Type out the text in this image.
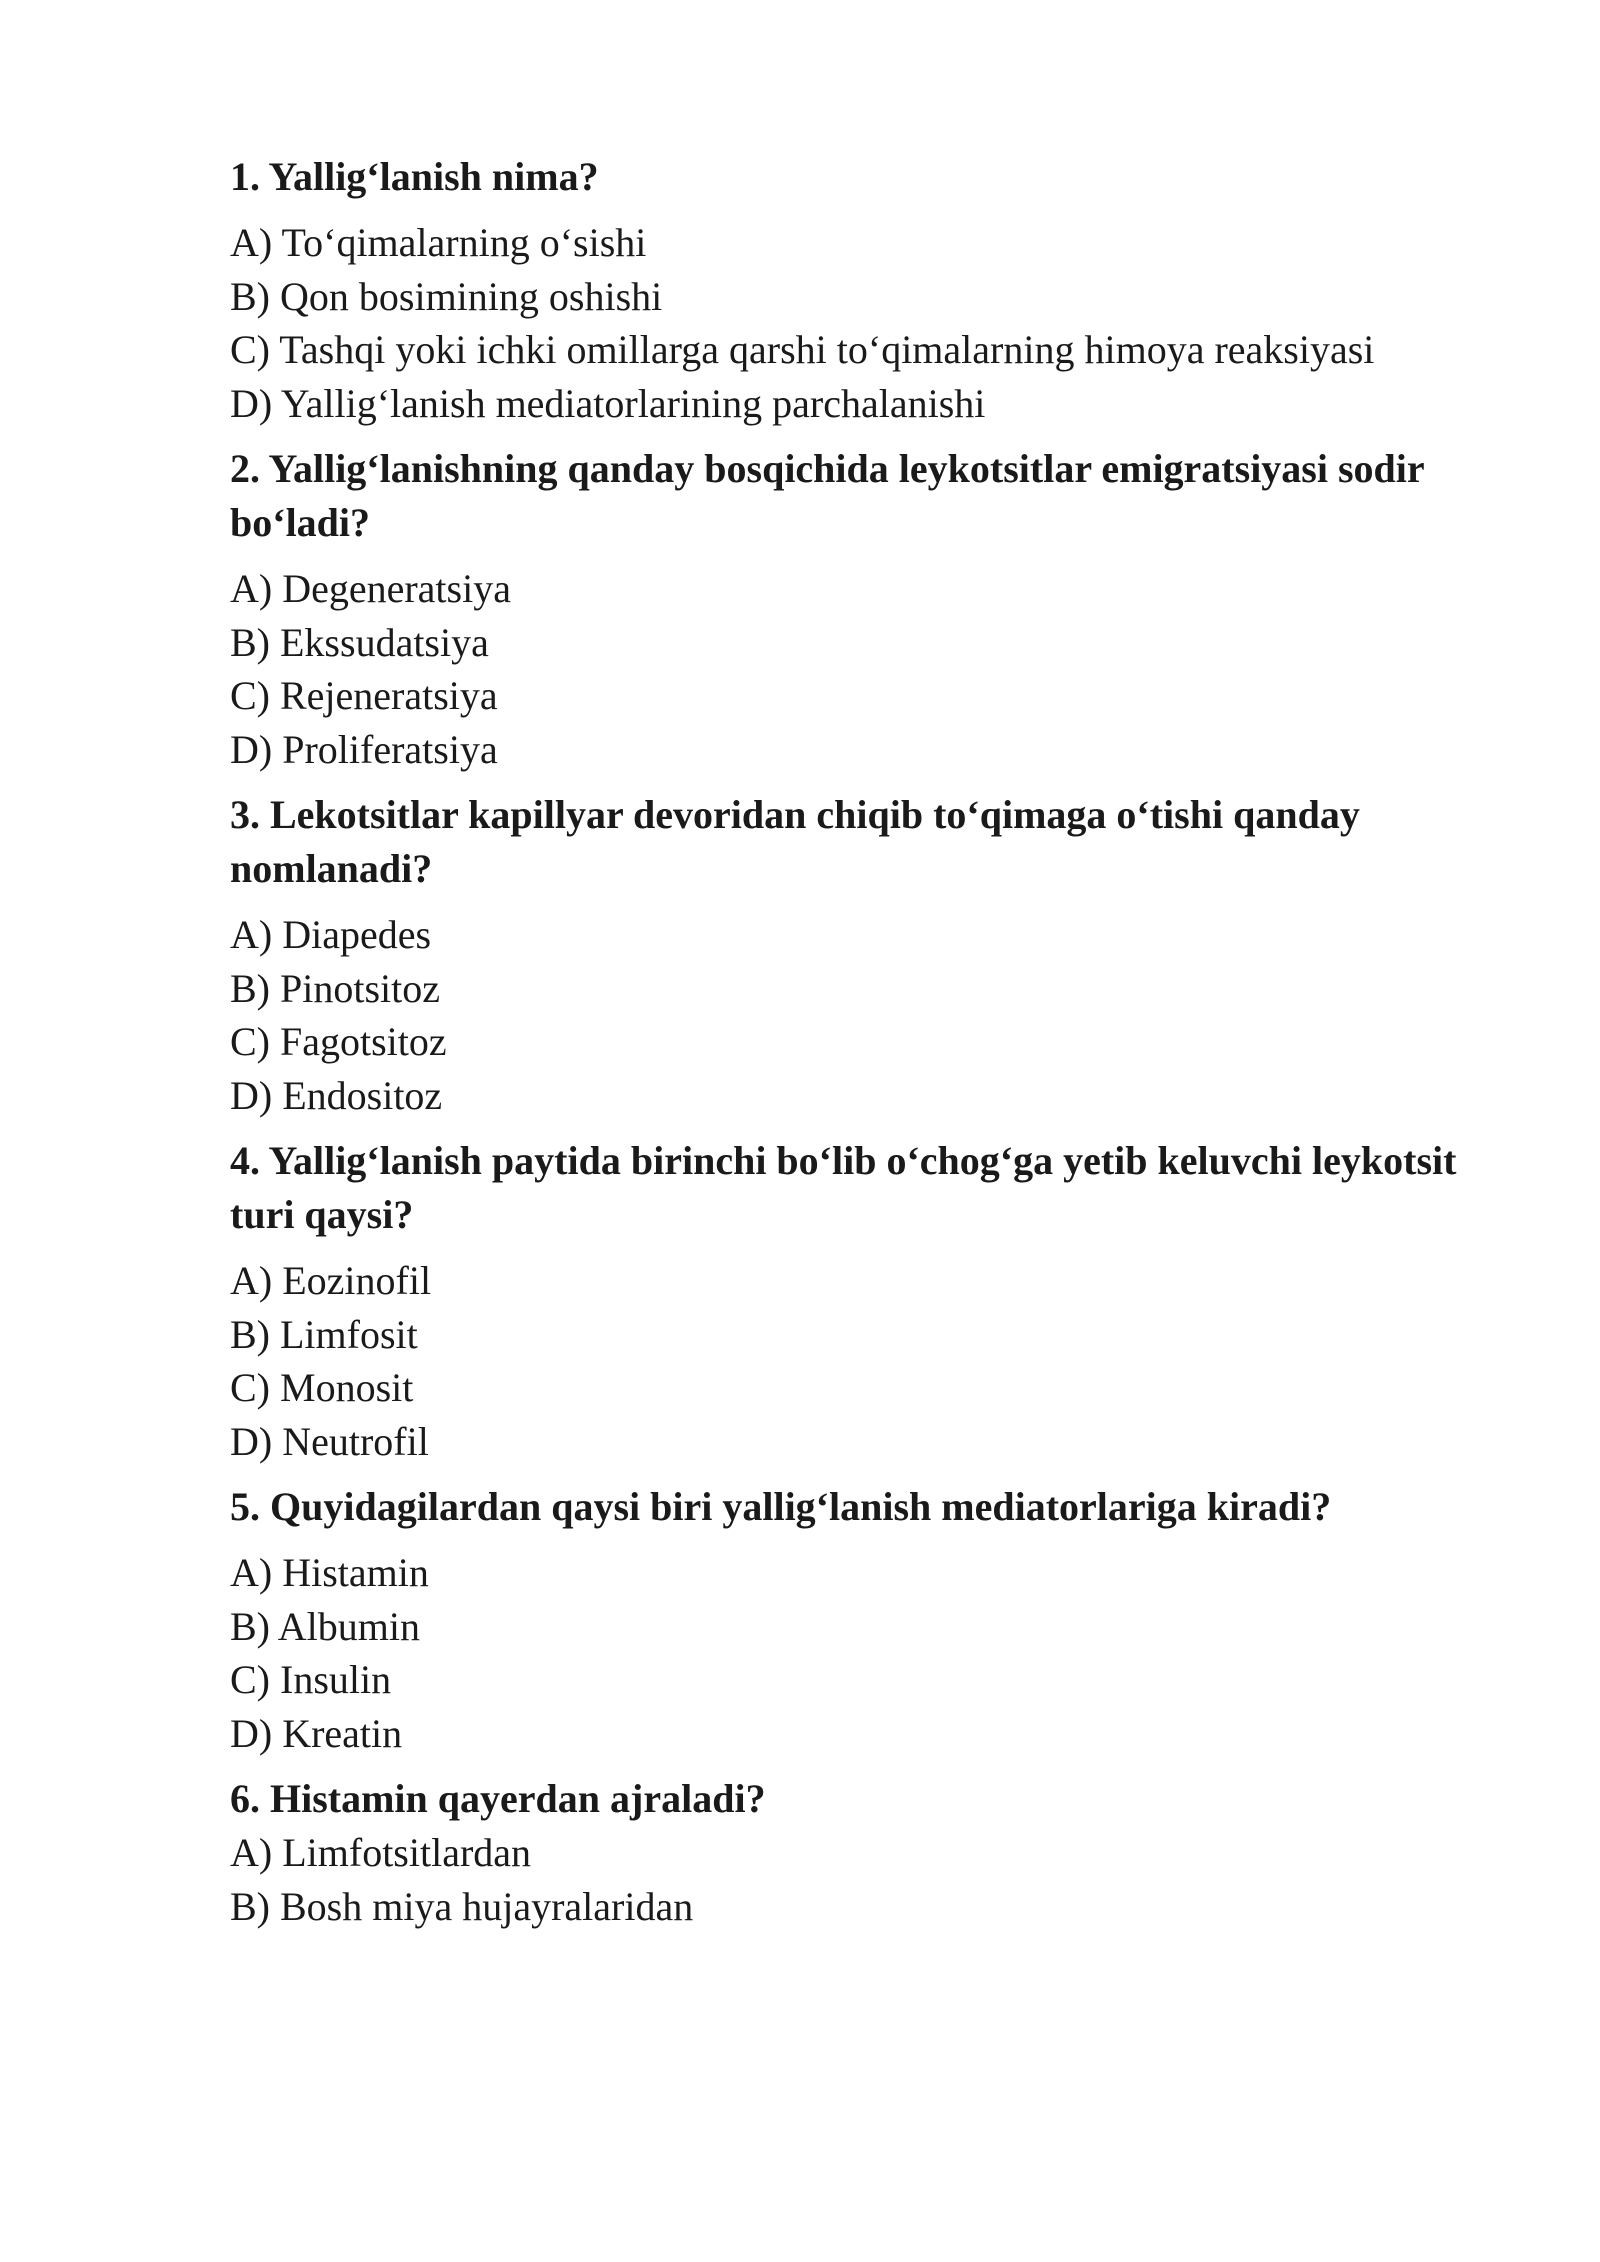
1. Yallig‘lanish nima?
A) To‘qimalarning o‘sishi
B) Qon bosimining oshishi
C) Tashqi yoki ichki omillarga qarshi to‘qimalarning himoya reaksiyasi
D) Yallig‘lanish mediatorlarining parchalanishi
2. Yallig‘lanishning qanday bosqichida leykotsitlar emigratsiyasi sodir bo‘ladi?
A) Degeneratsiya
B) Ekssudatsiya
C) Rejeneratsiya
D) Proliferatsiya
3. Lekotsitlar kapillyar devoridan chiqib to‘qimaga o‘tishi qanday nomlanadi?
A) Diapedes
B) Pinotsitoz
C) Fagotsitoz
D) Endositoz
4. Yallig‘lanish paytida birinchi bo‘lib o‘chog‘ga yetib keluvchi leykotsit turi qaysi?
A) Eozinofil
B) Limfosit
C) Monosit
D) Neutrofil
5. Quyidagilardan qaysi biri yallig‘lanish mediatorlariga kiradi?
A) Histamin
B) Albumin
C) Insulin
D) Kreatin
6. Histamin qayerdan ajraladi?
A) Limfotsitlardan
B) Bosh miya hujayralaridan
